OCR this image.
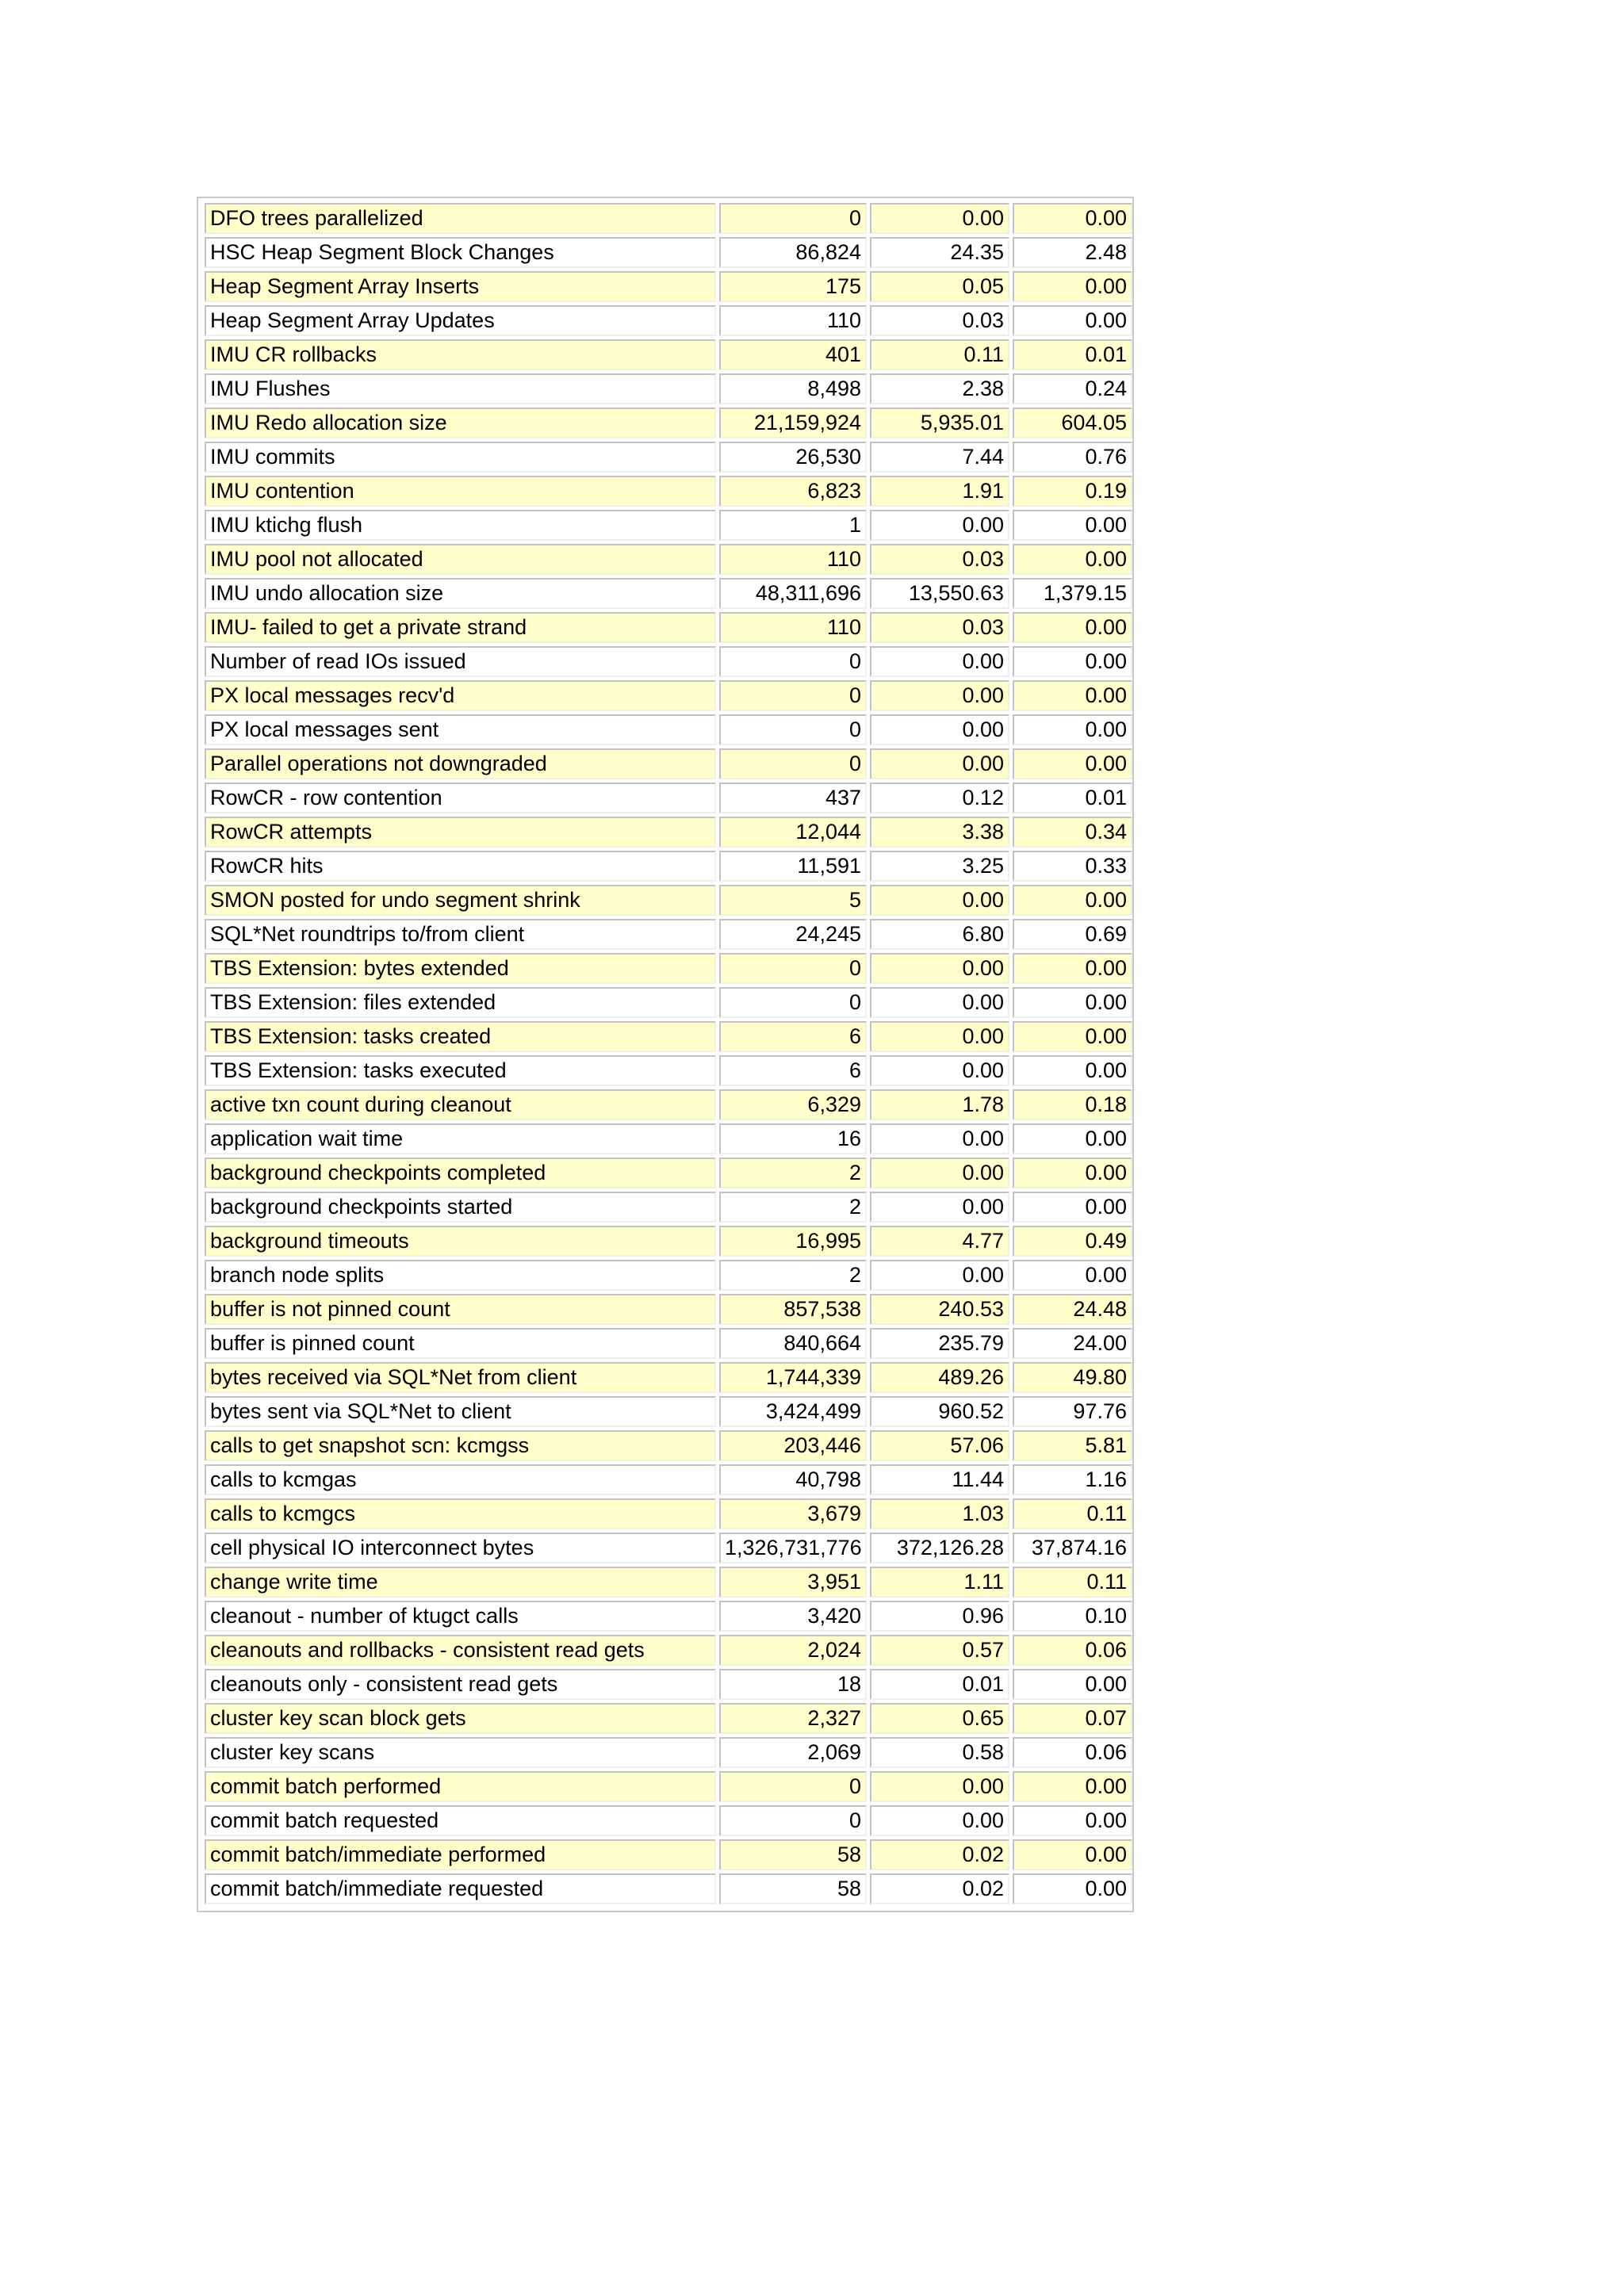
DFO trees parallelized	0	0.00	0.00
HSC Heap Segment Block Changes	86,824	24.35	2.48
Heap Segment Array Inserts	175	0.05	0.00
Heap Segment Array Updates	110	0.03	0.00
IMU CR rollbacks	401	0.11	0.01
IMU Flushes	8,498	2.38	0.24
IMU Redo allocation size	21,159,924	5,935.01	604.05
IMU commits	26,530	7.44	0.76
IMU contention	6,823	1.91	0.19
IMU ktichg flush	1	0.00	0.00
IMU pool not allocated	110	0.03	0.00
IMU undo allocation size	48,311,696	13,550.63	1,379.15
IMU- failed to get a private strand	110	0.03	0.00
Number of read IOs issued	0	0.00	0.00
PX local messages recv'd	0	0.00	0.00
PX local messages sent	0	0.00	0.00
Parallel operations not downgraded	0	0.00	0.00
RowCR - row contention	437	0.12	0.01
RowCR attempts	12,044	3.38	0.34
RowCR hits	11,591	3.25	0.33
SMON posted for undo segment shrink	5	0.00	0.00
SQL*Net roundtrips to/from client	24,245	6.80	0.69
TBS Extension: bytes extended	0	0.00	0.00
TBS Extension: files extended	0	0.00	0.00
TBS Extension: tasks created	6	0.00	0.00
TBS Extension: tasks executed	6	0.00	0.00
active txn count during cleanout	6,329	1.78	0.18
application wait time	16	0.00	0.00
background checkpoints completed	2	0.00	0.00
background checkpoints started	2	0.00	0.00
background timeouts	16,995	4.77	0.49
branch node splits	2	0.00	0.00
buffer is not pinned count	857,538	240.53	24.48
buffer is pinned count	840,664	235.79	24.00
bytes received via SQL*Net from client	1,744,339	489.26	49.80
bytes sent via SQL*Net to client	3,424,499	960.52	97.76
calls to get snapshot scn: kcmgss	203,446	57.06	5.81
calls to kcmgas	40,798	11.44	1.16
calls to kcmgcs	3,679	1.03	0.11
cell physical IO interconnect bytes	1,326,731,776	372,126.28	37,874.16
change write time	3,951	1.11	0.11
cleanout - number of ktugct calls	3,420	0.96	0.10
cleanouts and rollbacks - consistent read gets	2,024	0.57	0.06
cleanouts only - consistent read gets	18	0.01	0.00
cluster key scan block gets	2,327	0.65	0.07
cluster key scans	2,069	0.58	0.06
commit batch performed	0	0.00	0.00
commit batch requested	0	0.00	0.00
commit batch/immediate performed	58	0.02	0.00
commit batch/immediate requested	58	0.02	0.00
